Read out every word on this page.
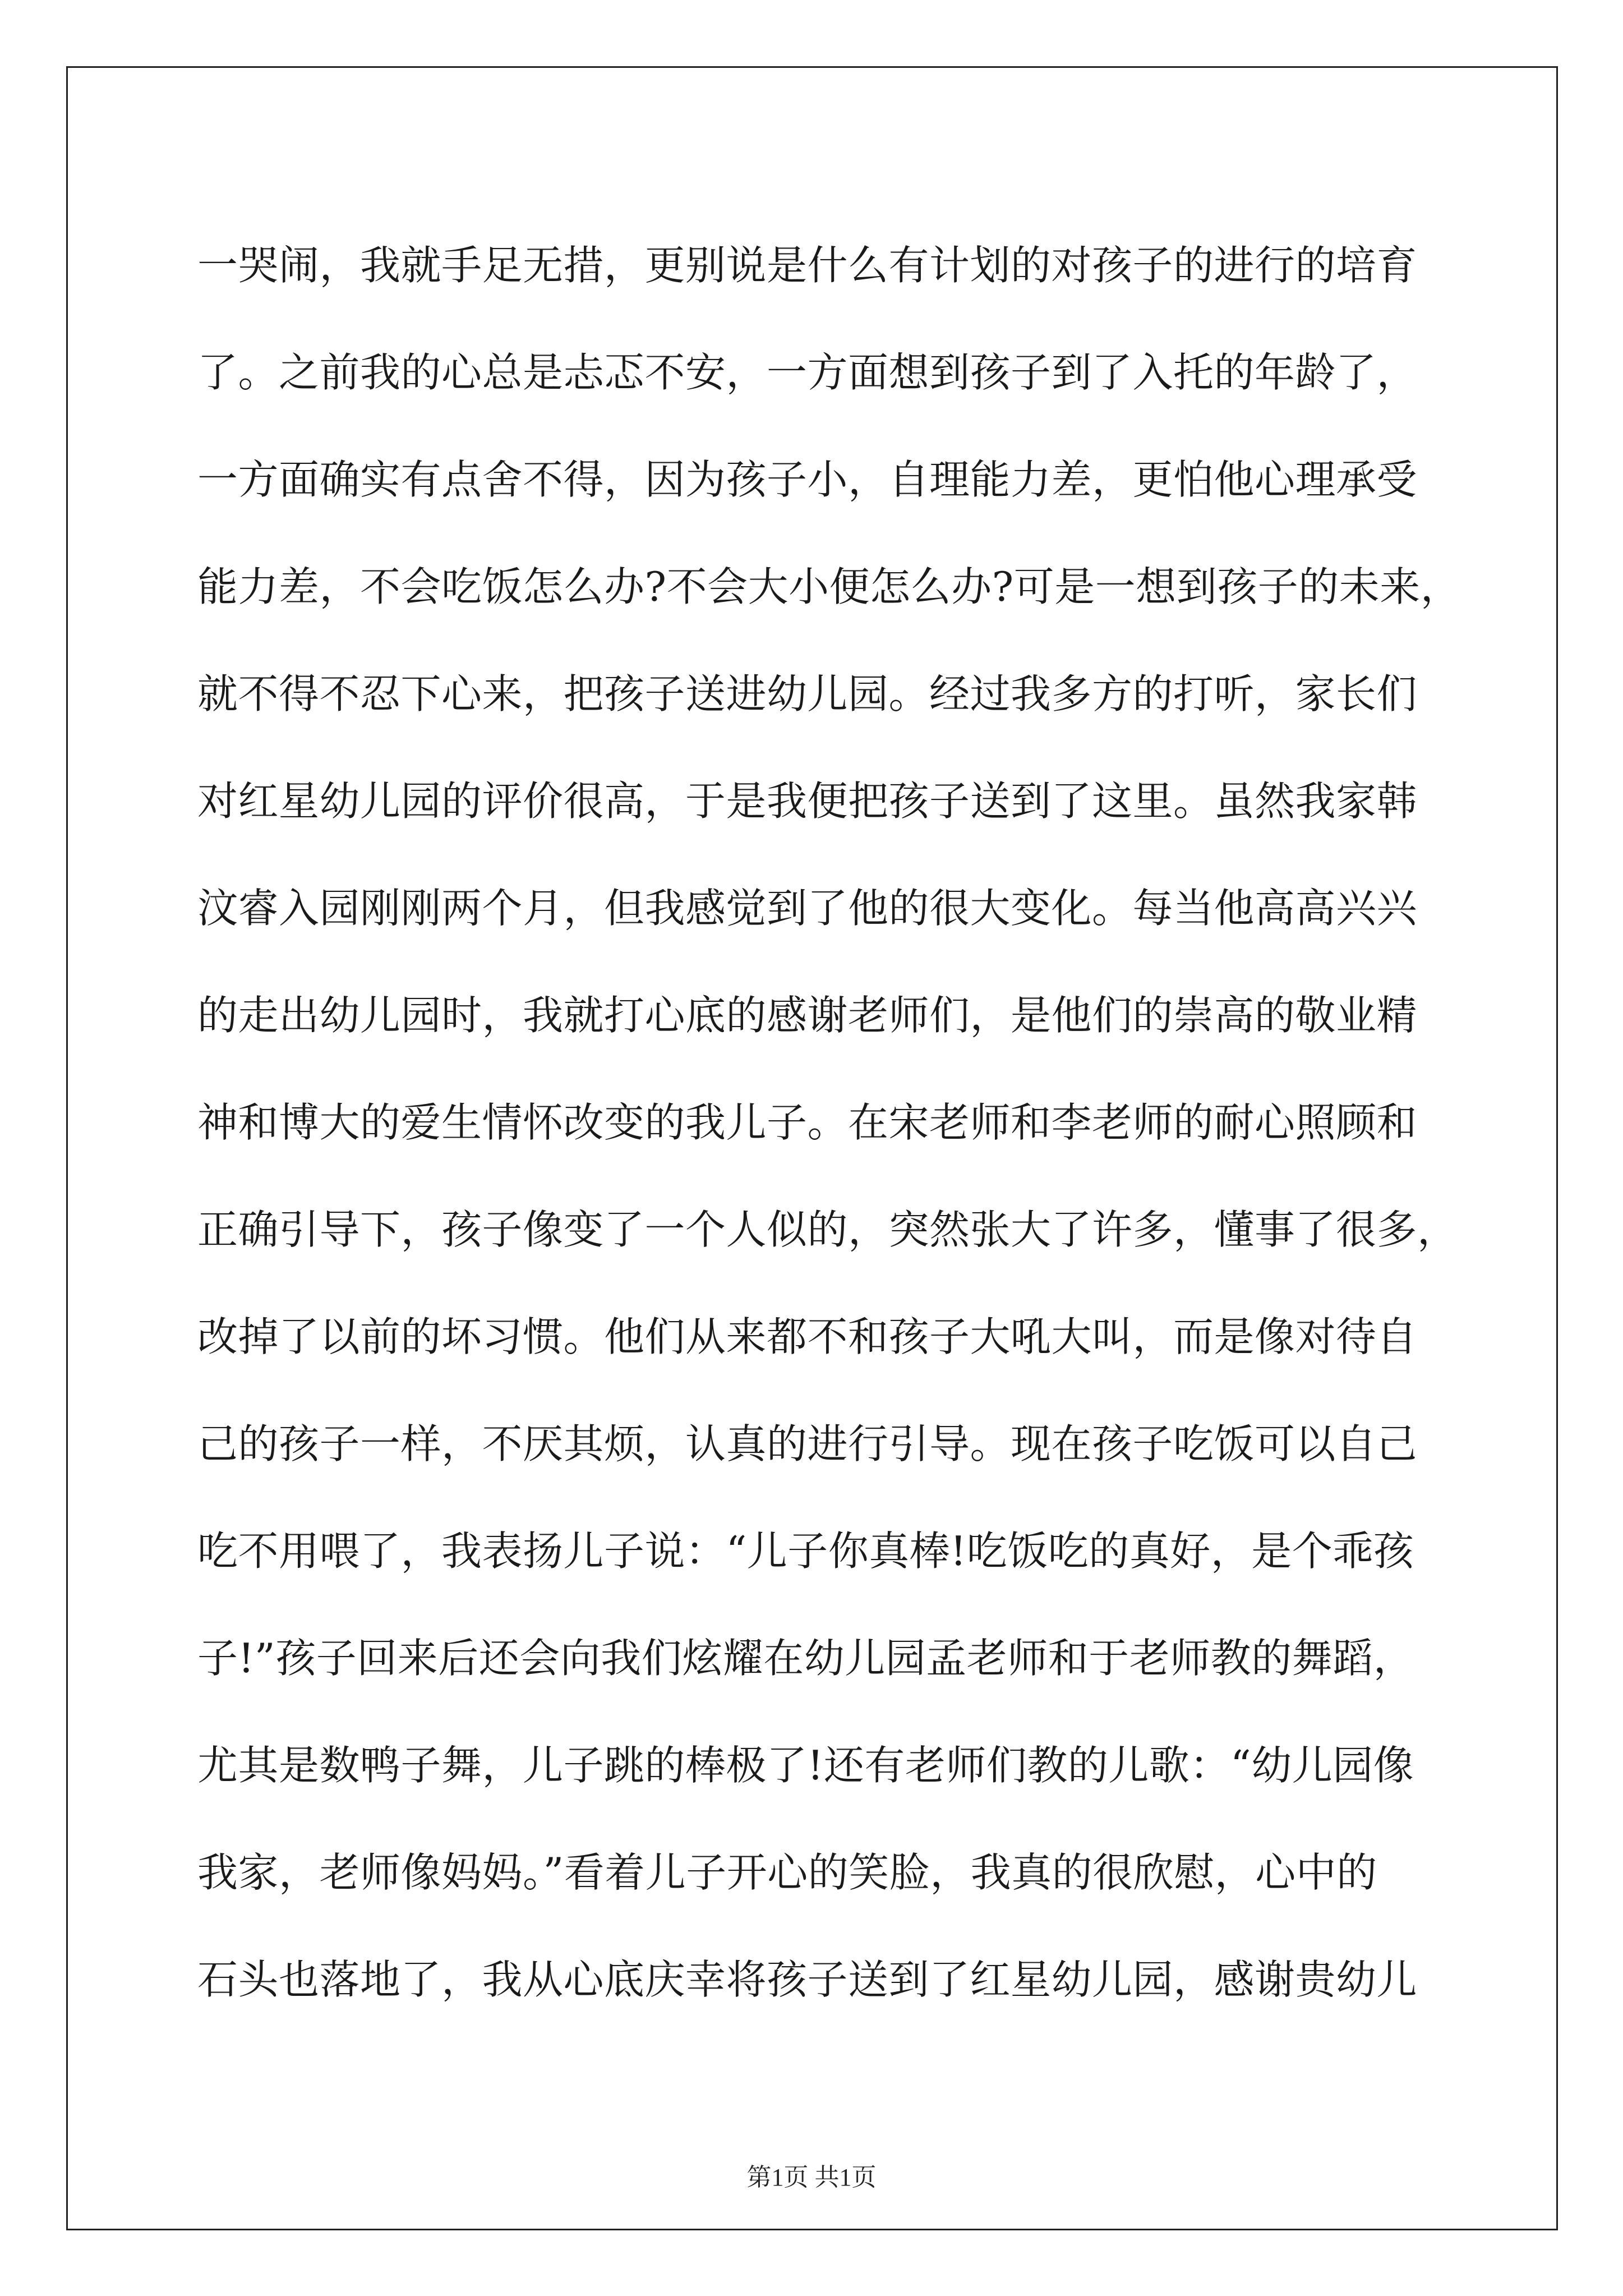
一哭闹，我就手足无措，更别说是什么有计划的对孩子的进行的培育
了。之前我的心总是忐忑不安，一方面想到孩子到了入托的年龄了，
一方面确实有点舍不得，因为孩子小，自理能力差，更怕他心理承受
能力差，不会吃饭怎么办?不会大小便怎么办?可是一想到孩子的未来，
就不得不忍下心来，把孩子送进幼儿园。经过我多方的打听，家长们
对红星幼儿园的评价很高，于是我便把孩子送到了这里。虽然我家韩
汶睿入园刚刚两个月，但我感觉到了他的很大变化。每当他高高兴兴
的走出幼儿园时，我就打心底的感谢老师们，是他们的崇高的敬业精
神和博大的爱生情怀改变的我儿子。在宋老师和李老师的耐心照顾和
正确引导下，孩子像变了一个人似的，突然张大了许多，懂事了很多，
改掉了以前的坏习惯。他们从来都不和孩子大吼大叫，而是像对待自
己的孩子一样，不厌其烦，认真的进行引导。现在孩子吃饭可以自己
吃不用喂了，我表扬儿子说：“儿子你真棒!吃饭吃的真好，是个乖孩
子!”孩子回来后还会向我们炫耀在幼儿园孟老师和于老师教的舞蹈，
尤其是数鸭子舞，儿子跳的棒极了!还有老师们教的儿歌：“幼儿园像
我家，老师像妈妈。”看着儿子开心的笑脸，我真的很欣慰，心中的
石头也落地了，我从心底庆幸将孩子送到了红星幼儿园，感谢贵幼儿
第1页 共1页
